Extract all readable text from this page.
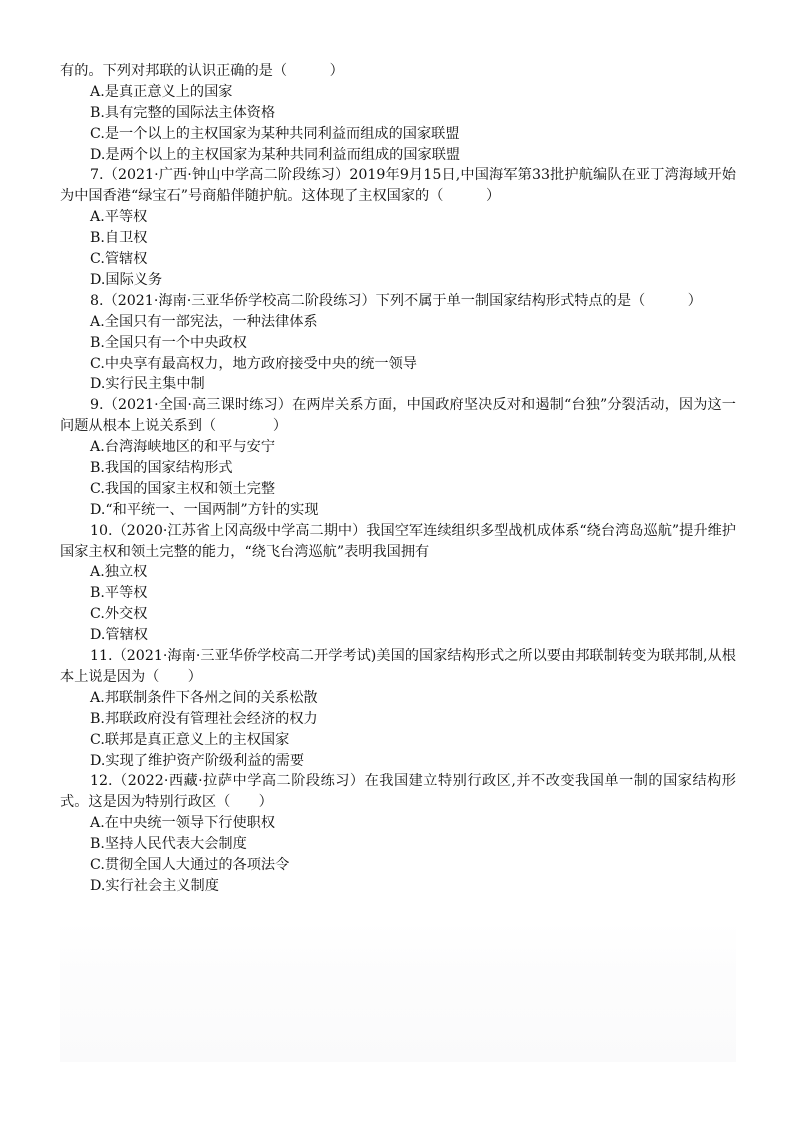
有的。下列对邦联的认识正确的是（　　　）
A.是真正意义上的国家
B.具有完整的国际法主体资格
C.是一个以上的主权国家为某种共同利益而组成的国家联盟
D.是两个以上的主权国家为某种共同利益而组成的国家联盟
7.（2021·广西·钟山中学高二阶段练习）2019年9月15日,中国海军第33批护航编队在亚丁湾海域开始为中国香港“绿宝石”号商船伴随护航。这体现了主权国家的（　　　）
A.平等权
B.自卫权
C.管辖权
D.国际义务
8.（2021·海南·三亚华侨学校高二阶段练习）下列不属于单一制国家结构形式特点的是（　　　）
A.全国只有一部宪法，一种法律体系
B.全国只有一个中央政权
C.中央享有最高权力，地方政府接受中央的统一领导
D.实行民主集中制
9.（2021·全国·高三课时练习）在两岸关系方面，中国政府坚决反对和遏制“台独”分裂活动，因为这一问题从根本上说关系到（　　　　）
A.台湾海峡地区的和平与安宁
B.我国的国家结构形式
C.我国的国家主权和领土完整
D.“和平统一、一国两制”方针的实现
10.（2020·江苏省上冈高级中学高二期中）我国空军连续组织多型战机成体系“绕台湾岛巡航”提升维护国家主权和领土完整的能力，“绕飞台湾巡航”表明我国拥有
A.独立权
B.平等权
C.外交权
D.管辖权
11.（2021·海南·三亚华侨学校高二开学考试)美国的国家结构形式之所以要由邦联制转变为联邦制,从根本上说是因为（　　）
A.邦联制条件下各州之间的关系松散
B.邦联政府没有管理社会经济的权力
C.联邦是真正意义上的主权国家
D.实现了维护资产阶级利益的需要
12.（2022·西藏·拉萨中学高二阶段练习）在我国建立特别行政区,并不改变我国单一制的国家结构形式。这是因为特别行政区（　　）
A.在中央统一领导下行使职权
B.坚持人民代表大会制度
C.贯彻全国人大通过的各项法令
D.实行社会主义制度
